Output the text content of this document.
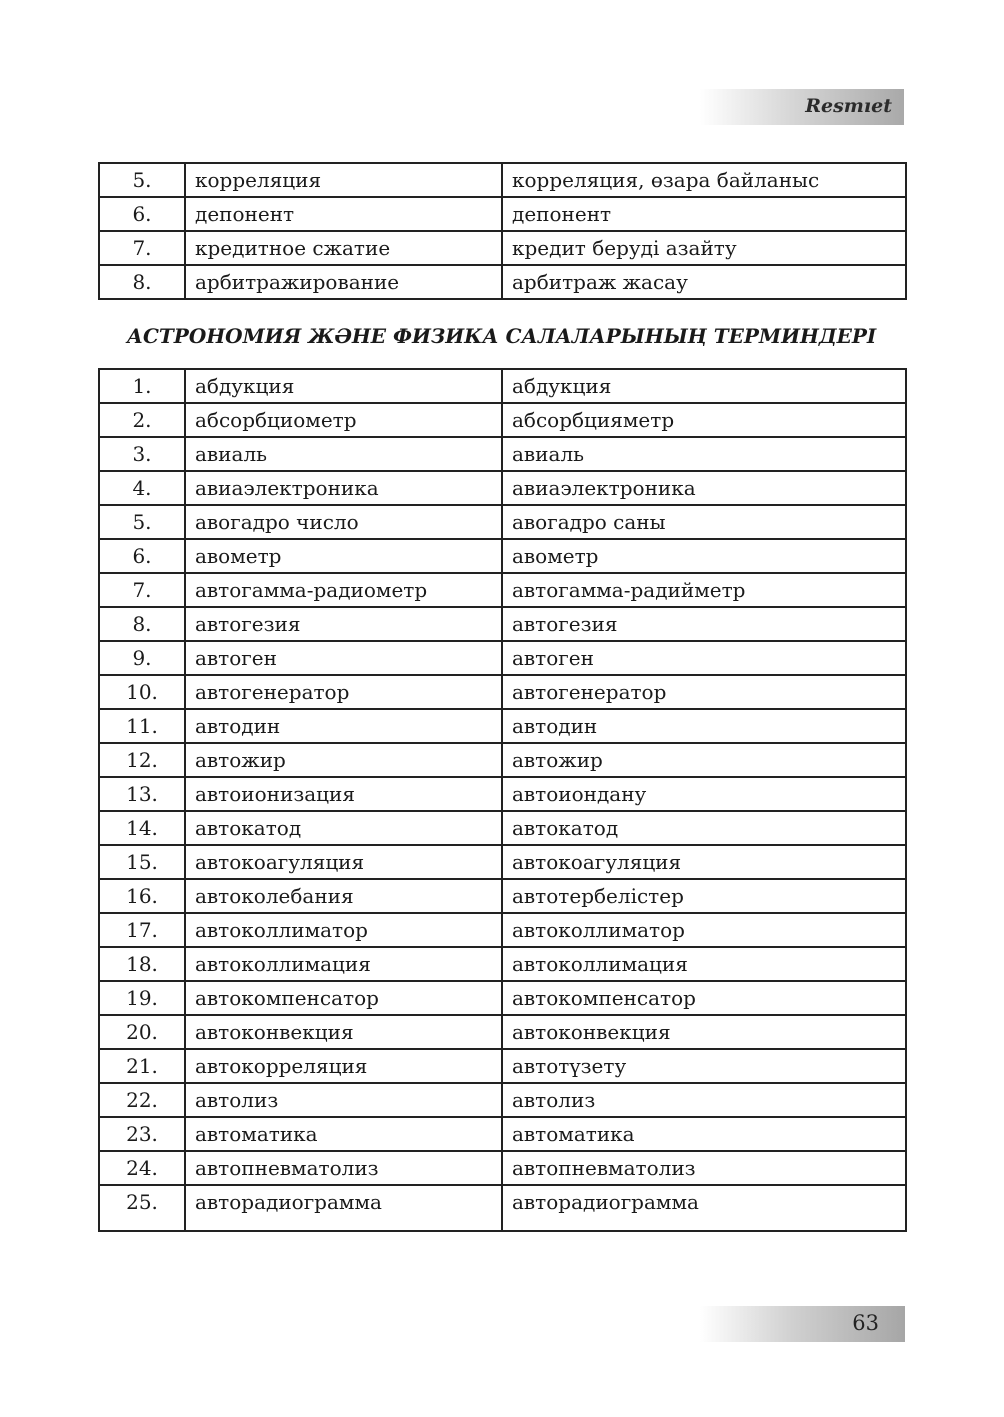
Resmıet
5.	корреляция	корреляция, өзара байланыс
6.	депонент	депонент
7.	кредитное сжатие	кредит беруді азайту
8.	арбитражирование	арбитраж жасау
АСТРОНОМИЯ ЖӘНЕ ФИЗИКА САЛАЛАРЫНЫҢ ТЕРМИНДЕРІ
1.	абдукция	абдукция
2.	абсорбциометр	абсорбцияметр
3.	авиаль	авиаль
4.	авиаэлектроника	авиаэлектроника
5.	авогадро число	авогадро саны
6.	авометр	авометр
7.	автогамма-радиометр	автогамма-радийметр
8.	автогезия	автогезия
9.	автоген	автоген
10.	автогенератор	автогенератор
11.	автодин	автодин
12.	автожир	автожир
13.	автоионизация	автоиондану
14.	автокатод	автокатод
15.	автокоагуляция	автокоагуляция
16.	автоколебания	автотербелістер
17.	автоколлиматор	автоколлиматор
18.	автоколлимация	автоколлимация
19.	автокомпенсатор	автокомпенсатор
20.	автоконвекция	автоконвекция
21.	автокорреляция	автотүзету
22.	автолиз	автолиз
23.	автоматика	автоматика
24.	автопневматолиз	автопневматолиз
25.	авторадиограмма	авторадиограмма
63
